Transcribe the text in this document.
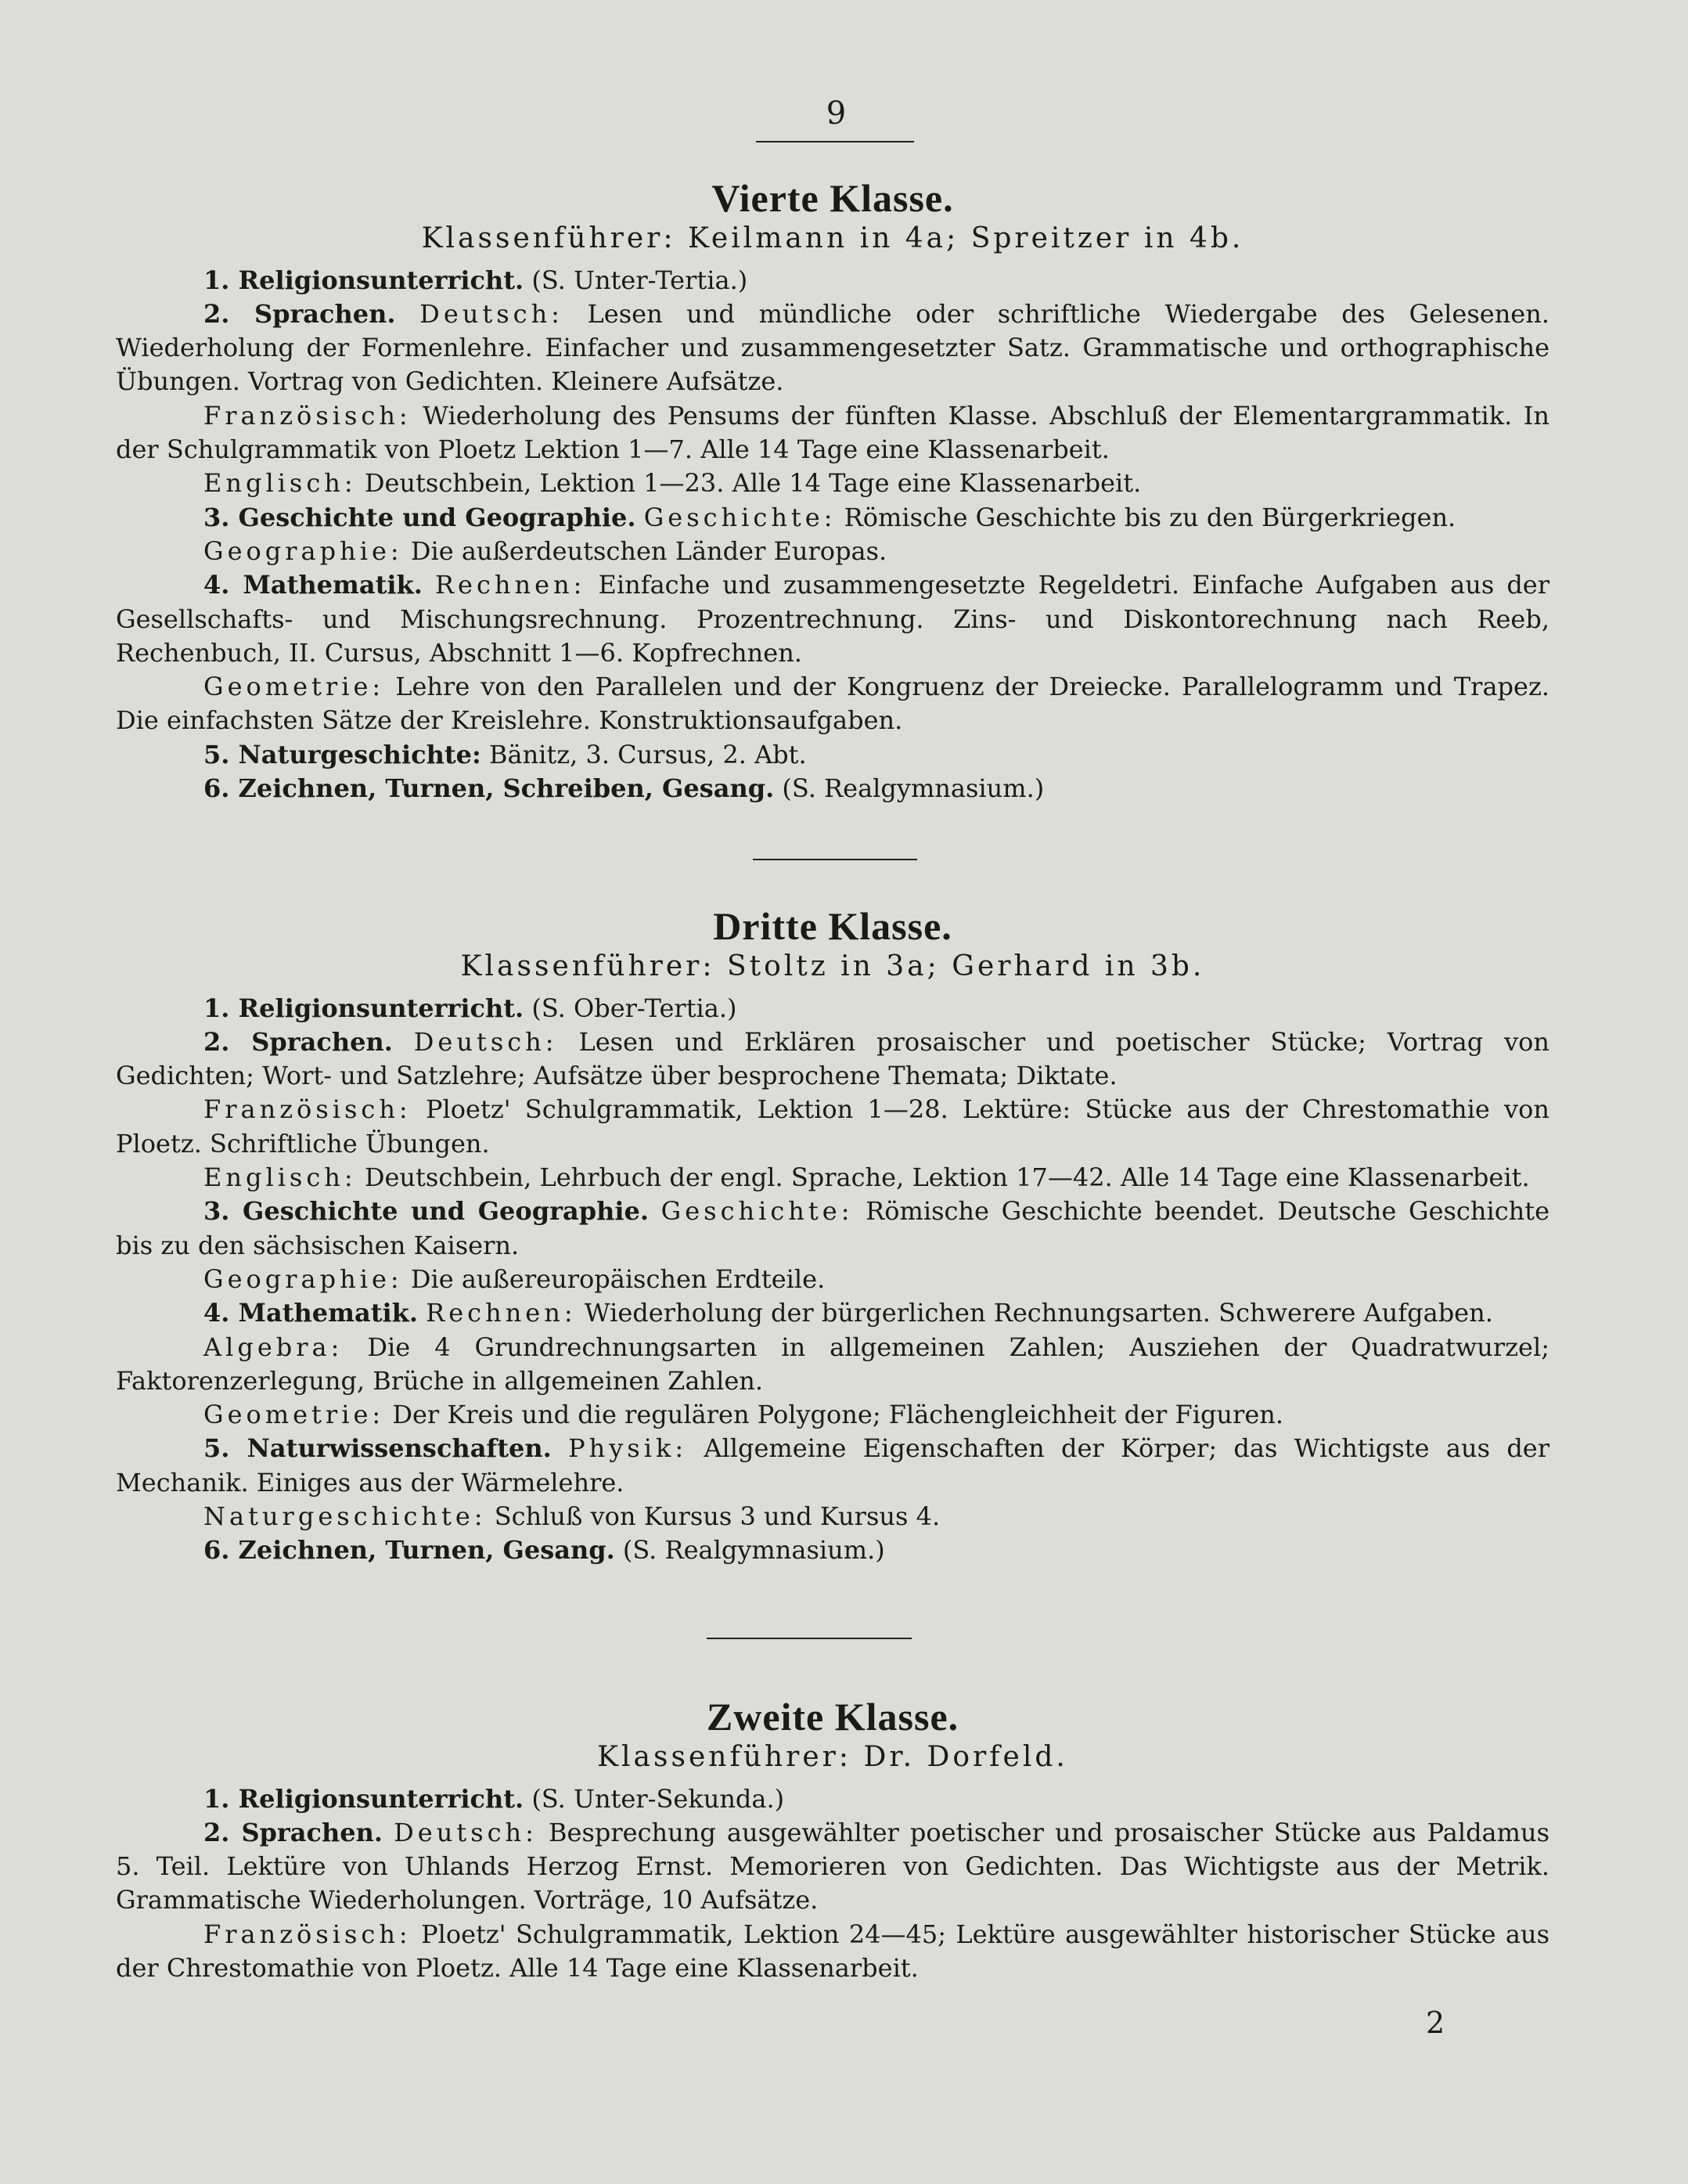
9
Vierte Klasse.
Klassenführer: Keilmann in 4a; Spreitzer in 4b.
1. Religionsunterricht. (S. Unter-Tertia.)
2. Sprachen. Deutsch: Lesen und mündliche oder schriftliche Wiedergabe des Gelesenen. Wiederholung der Formenlehre. Einfacher und zusammengesetzter Satz. Grammatische und orthographische Übungen. Vortrag von Gedichten. Kleinere Aufsätze.
Französisch: Wiederholung des Pensums der fünften Klasse. Abschluß der Elementargrammatik. In der Schulgrammatik von Ploetz Lektion 1—7. Alle 14 Tage eine Klassenarbeit.
Englisch: Deutschbein, Lektion 1—23. Alle 14 Tage eine Klassenarbeit.
3. Geschichte und Geographie. Geschichte: Römische Geschichte bis zu den Bürgerkriegen.
Geographie: Die außerdeutschen Länder Europas.
4. Mathematik. Rechnen: Einfache und zusammengesetzte Regeldetri. Einfache Aufgaben aus der Gesellschafts- und Mischungsrechnung. Prozentrechnung. Zins- und Diskontorechnung nach Reeb, Rechenbuch, II. Cursus, Abschnitt 1—6. Kopfrechnen.
Geometrie: Lehre von den Parallelen und der Kongruenz der Dreiecke. Parallelogramm und Trapez. Die einfachsten Sätze der Kreislehre. Konstruktionsaufgaben.
5. Naturgeschichte: Bänitz, 3. Cursus, 2. Abt.
6. Zeichnen, Turnen, Schreiben, Gesang. (S. Realgymnasium.)
Dritte Klasse.
Klassenführer: Stoltz in 3a; Gerhard in 3b.
1. Religionsunterricht. (S. Ober-Tertia.)
2. Sprachen. Deutsch: Lesen und Erklären prosaischer und poetischer Stücke; Vortrag von Gedichten; Wort- und Satzlehre; Aufsätze über besprochene Themata; Diktate.
Französisch: Ploetz' Schulgrammatik, Lektion 1—28. Lektüre: Stücke aus der Chrestomathie von Ploetz. Schriftliche Übungen.
Englisch: Deutschbein, Lehrbuch der engl. Sprache, Lektion 17—42. Alle 14 Tage eine Klassenarbeit.
3. Geschichte und Geographie. Geschichte: Römische Geschichte beendet. Deutsche Geschichte bis zu den sächsischen Kaisern.
Geographie: Die außereuropäischen Erdteile.
4. Mathematik. Rechnen: Wiederholung der bürgerlichen Rechnungsarten. Schwerere Aufgaben.
Algebra: Die 4 Grundrechnungsarten in allgemeinen Zahlen; Ausziehen der Quadratwurzel; Faktorenzerlegung, Brüche in allgemeinen Zahlen.
Geometrie: Der Kreis und die regulären Polygone; Flächengleichheit der Figuren.
5. Naturwissenschaften. Physik: Allgemeine Eigenschaften der Körper; das Wichtigste aus der Mechanik. Einiges aus der Wärmelehre.
Naturgeschichte: Schluß von Kursus 3 und Kursus 4.
6. Zeichnen, Turnen, Gesang. (S. Realgymnasium.)
Zweite Klasse.
Klassenführer: Dr. Dorfeld.
1. Religionsunterricht. (S. Unter-Sekunda.)
2. Sprachen. Deutsch: Besprechung ausgewählter poetischer und prosaischer Stücke aus Paldamus 5. Teil. Lektüre von Uhlands Herzog Ernst. Memorieren von Gedichten. Das Wichtigste aus der Metrik. Grammatische Wiederholungen. Vorträge, 10 Aufsätze.
Französisch: Ploetz' Schulgrammatik, Lektion 24—45; Lektüre ausgewählter historischer Stücke aus der Chrestomathie von Ploetz. Alle 14 Tage eine Klassenarbeit.
2
